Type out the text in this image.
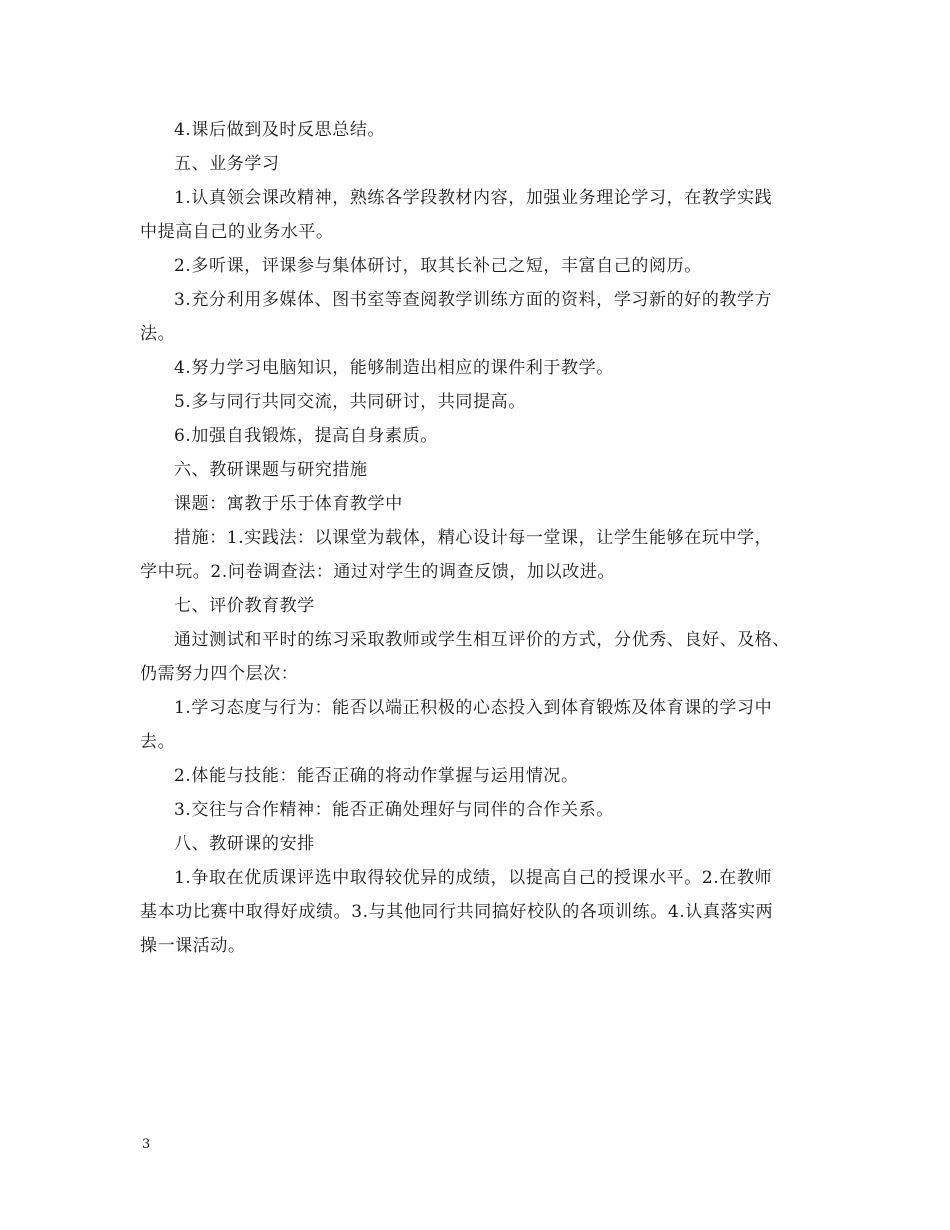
4.课后做到及时反思总结。

五、业务学习

1.认真领会课改精神，熟练各学段教材内容，加强业务理论学习，在教学实践

中提高自己的业务水平。

2.多听课，评课参与集体研讨，取其长补己之短，丰富自己的阅历。

3.充分利用多媒体、图书室等查阅教学训练方面的资料，学习新的好的教学方

法。

4.努力学习电脑知识，能够制造出相应的课件利于教学。

5.多与同行共同交流，共同研讨，共同提高。

6.加强自我锻炼，提高自身素质。

六、教研课题与研究措施

课题：寓教于乐于体育教学中

措施：1.实践法：以课堂为载体，精心设计每一堂课，让学生能够在玩中学，

学中玩。2.问卷调查法：通过对学生的调查反馈，加以改进。

七、评价教育教学

通过测试和平时的练习采取教师或学生相互评价的方式，分优秀、良好、及格、

仍需努力四个层次：

1.学习态度与行为：能否以端正积极的心态投入到体育锻炼及体育课的学习中

去。

2.体能与技能：能否正确的将动作掌握与运用情况。

3.交往与合作精神：能否正确处理好与同伴的合作关系。

八、教研课的安排

1.争取在优质课评选中取得较优异的成绩，以提高自己的授课水平。2.在教师

基本功比赛中取得好成绩。3.与其他同行共同搞好校队的各项训练。4.认真落实两

操一课活动。

3
